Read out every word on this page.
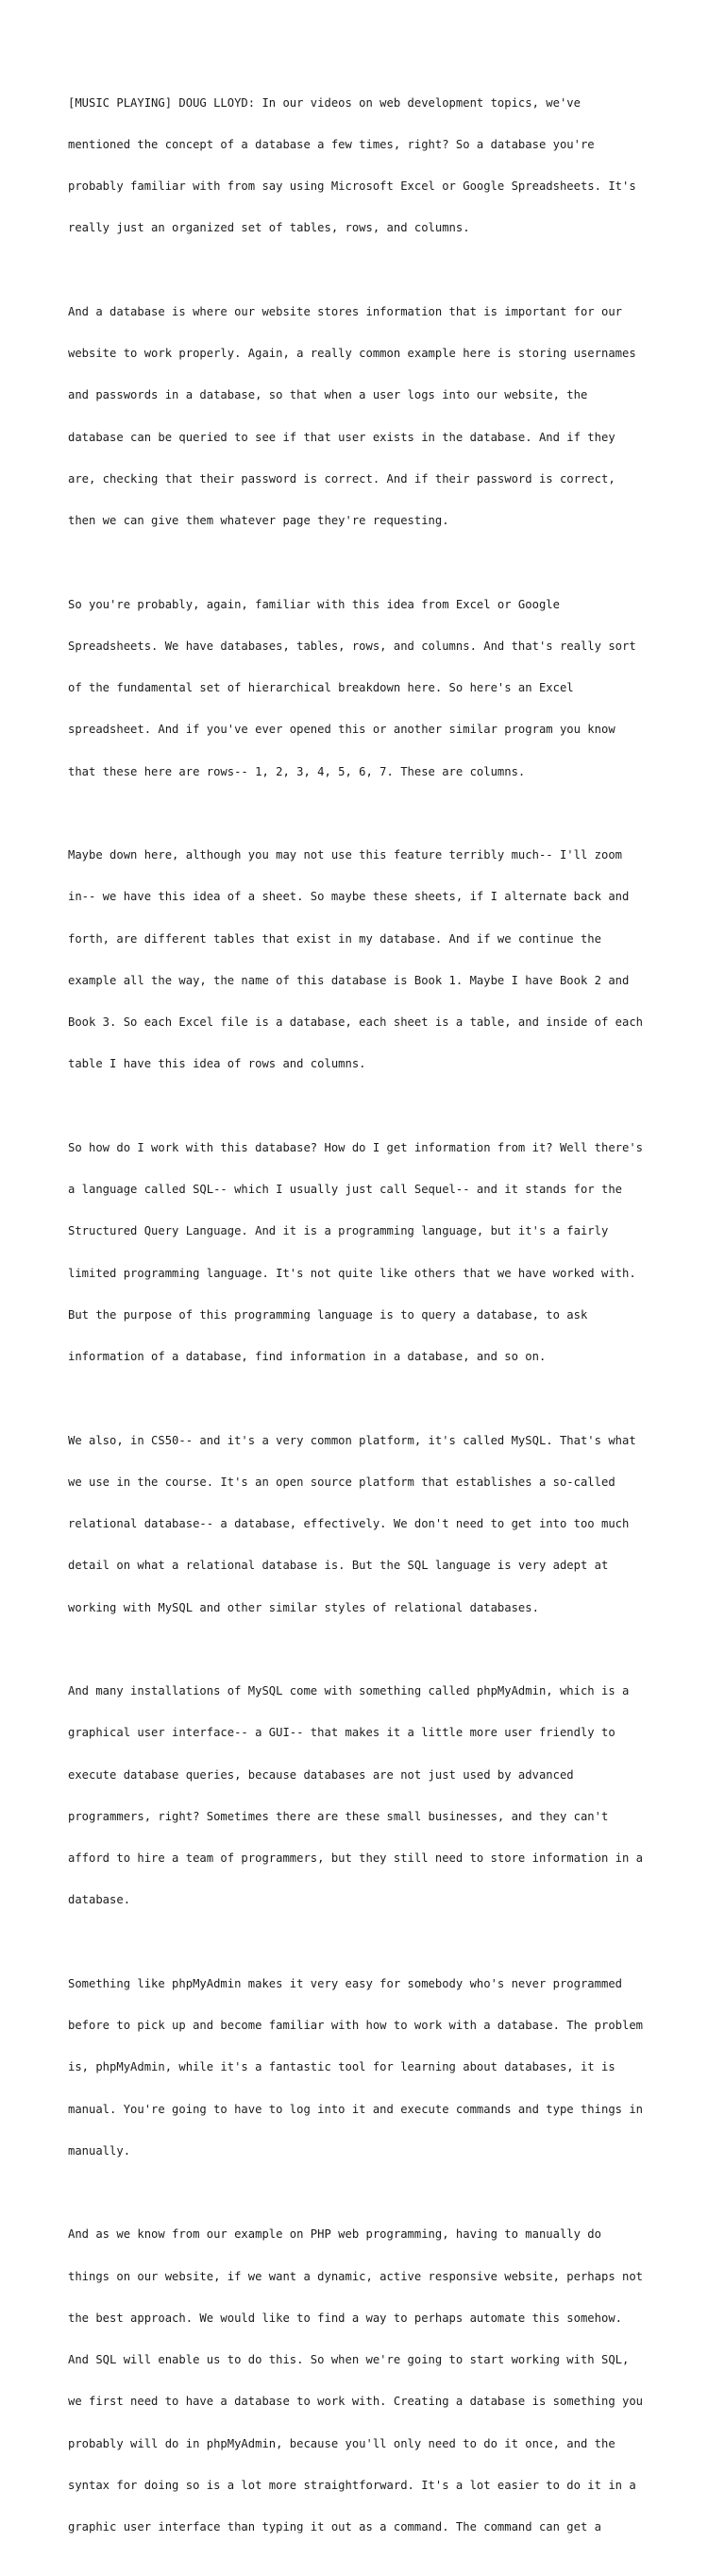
[MUSIC PLAYING] DOUG LLOYD: In our videos on web development topics, we've

mentioned the concept of a database a few times, right? So a database you're

probably familiar with from say using Microsoft Excel or Google Spreadsheets. It's

really just an organized set of tables, rows, and columns.

And a database is where our website stores information that is important for our

website to work properly. Again, a really common example here is storing usernames

and passwords in a database, so that when a user logs into our website, the

database can be queried to see if that user exists in the database. And if they

are, checking that their password is correct. And if their password is correct,

then we can give them whatever page they're requesting.

So you're probably, again, familiar with this idea from Excel or Google

Spreadsheets. We have databases, tables, rows, and columns. And that's really sort

of the fundamental set of hierarchical breakdown here. So here's an Excel

spreadsheet. And if you've ever opened this or another similar program you know

that these here are rows-- 1, 2, 3, 4, 5, 6, 7. These are columns.

Maybe down here, although you may not use this feature terribly much-- I'll zoom

in-- we have this idea of a sheet. So maybe these sheets, if I alternate back and

forth, are different tables that exist in my database. And if we continue the

example all the way, the name of this database is Book 1. Maybe I have Book 2 and

Book 3. So each Excel file is a database, each sheet is a table, and inside of each

table I have this idea of rows and columns.

So how do I work with this database? How do I get information from it? Well there's

a language called SQL-- which I usually just call Sequel-- and it stands for the

Structured Query Language. And it is a programming language, but it's a fairly

limited programming language. It's not quite like others that we have worked with.

But the purpose of this programming language is to query a database, to ask

information of a database, find information in a database, and so on.

We also, in CS50-- and it's a very common platform, it's called MySQL. That's what

we use in the course. It's an open source platform that establishes a so-called

relational database-- a database, effectively. We don't need to get into too much

detail on what a relational database is. But the SQL language is very adept at

working with MySQL and other similar styles of relational databases.

And many installations of MySQL come with something called phpMyAdmin, which is a

graphical user interface-- a GUI-- that makes it a little more user friendly to

execute database queries, because databases are not just used by advanced

programmers, right? Sometimes there are these small businesses, and they can't

afford to hire a team of programmers, but they still need to store information in a

database.

Something like phpMyAdmin makes it very easy for somebody who's never programmed

before to pick up and become familiar with how to work with a database. The problem

is, phpMyAdmin, while it's a fantastic tool for learning about databases, it is

manual. You're going to have to log into it and execute commands and type things in

manually.

And as we know from our example on PHP web programming, having to manually do

things on our website, if we want a dynamic, active responsive website, perhaps not

the best approach. We would like to find a way to perhaps automate this somehow.

And SQL will enable us to do this. So when we're going to start working with SQL,

we first need to have a database to work with. Creating a database is something you

probably will do in phpMyAdmin, because you'll only need to do it once, and the

syntax for doing so is a lot more straightforward. It's a lot easier to do it in a

graphic user interface than typing it out as a command. The command can get a
